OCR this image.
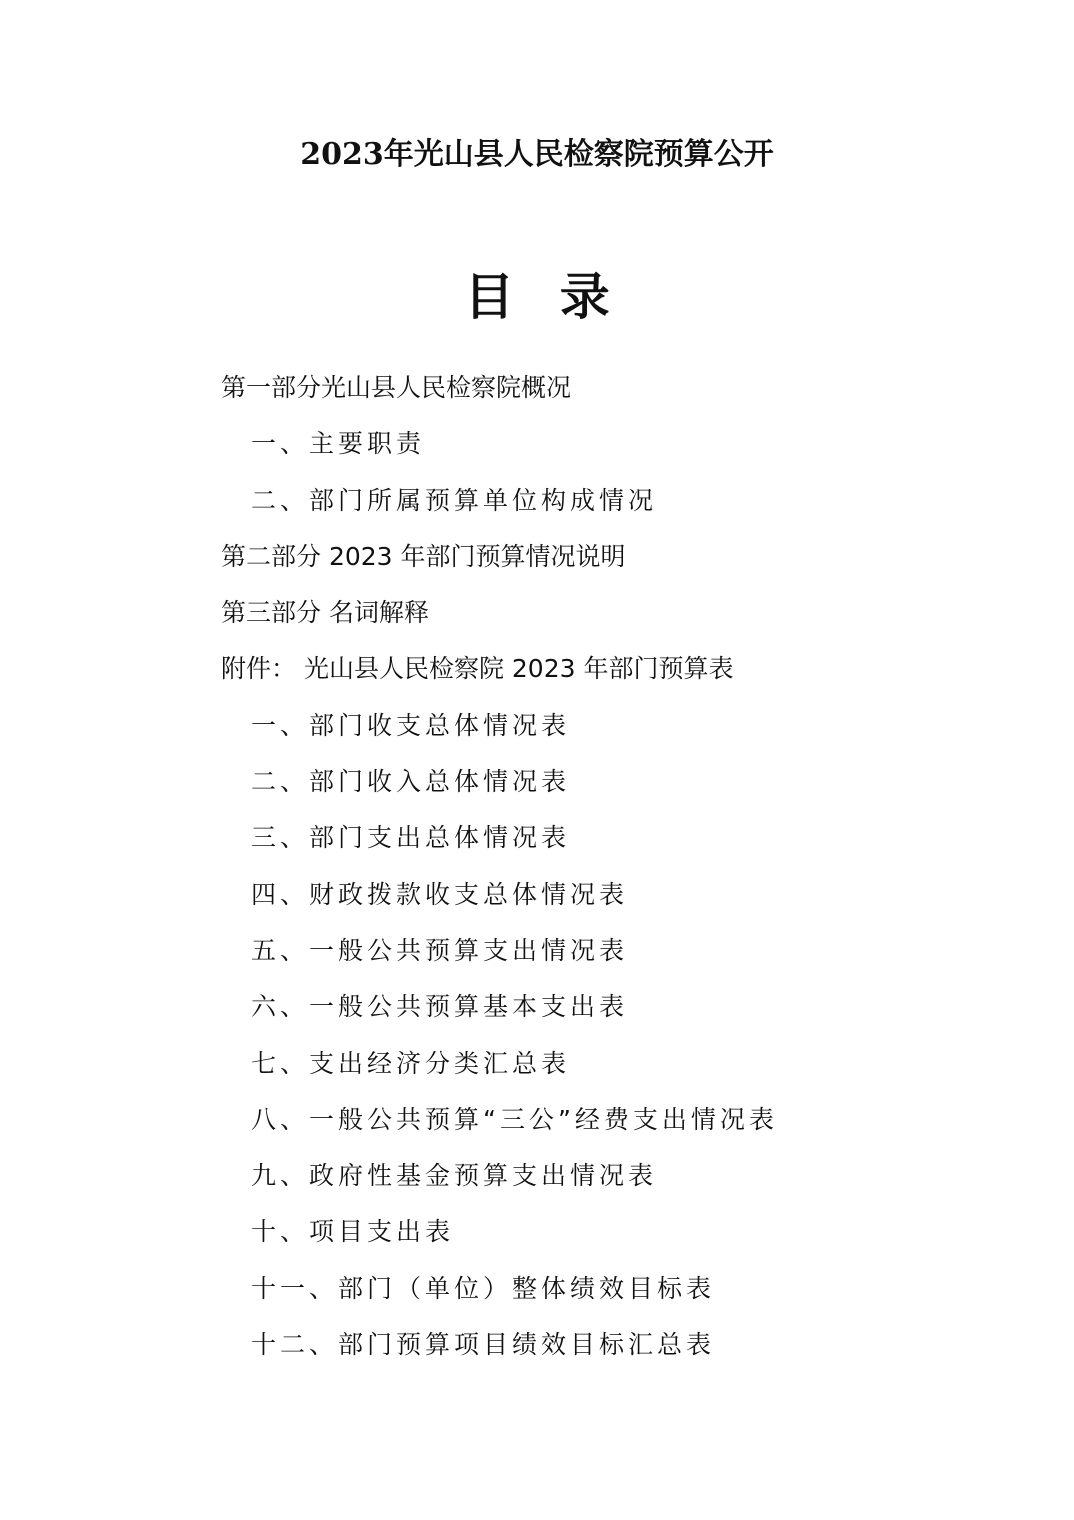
2023年光山县人民检察院预算公开
目 录
第一部分光山县人民检察院概况
一、主要职责
二、部门所属预算单位构成情况
第二部分 2023 年部门预算情况说明
第三部分 名词解释
附件： 光山县人民检察院 2023 年部门预算表
一、部门收支总体情况表
二、部门收入总体情况表
三、部门支出总体情况表
四、财政拨款收支总体情况表
五、一般公共预算支出情况表
六、一般公共预算基本支出表
七、支出经济分类汇总表
八、一般公共预算“三公”经费支出情况表
九、政府性基金预算支出情况表
十、项目支出表
十一、部门（单位）整体绩效目标表
十二、部门预算项目绩效目标汇总表
